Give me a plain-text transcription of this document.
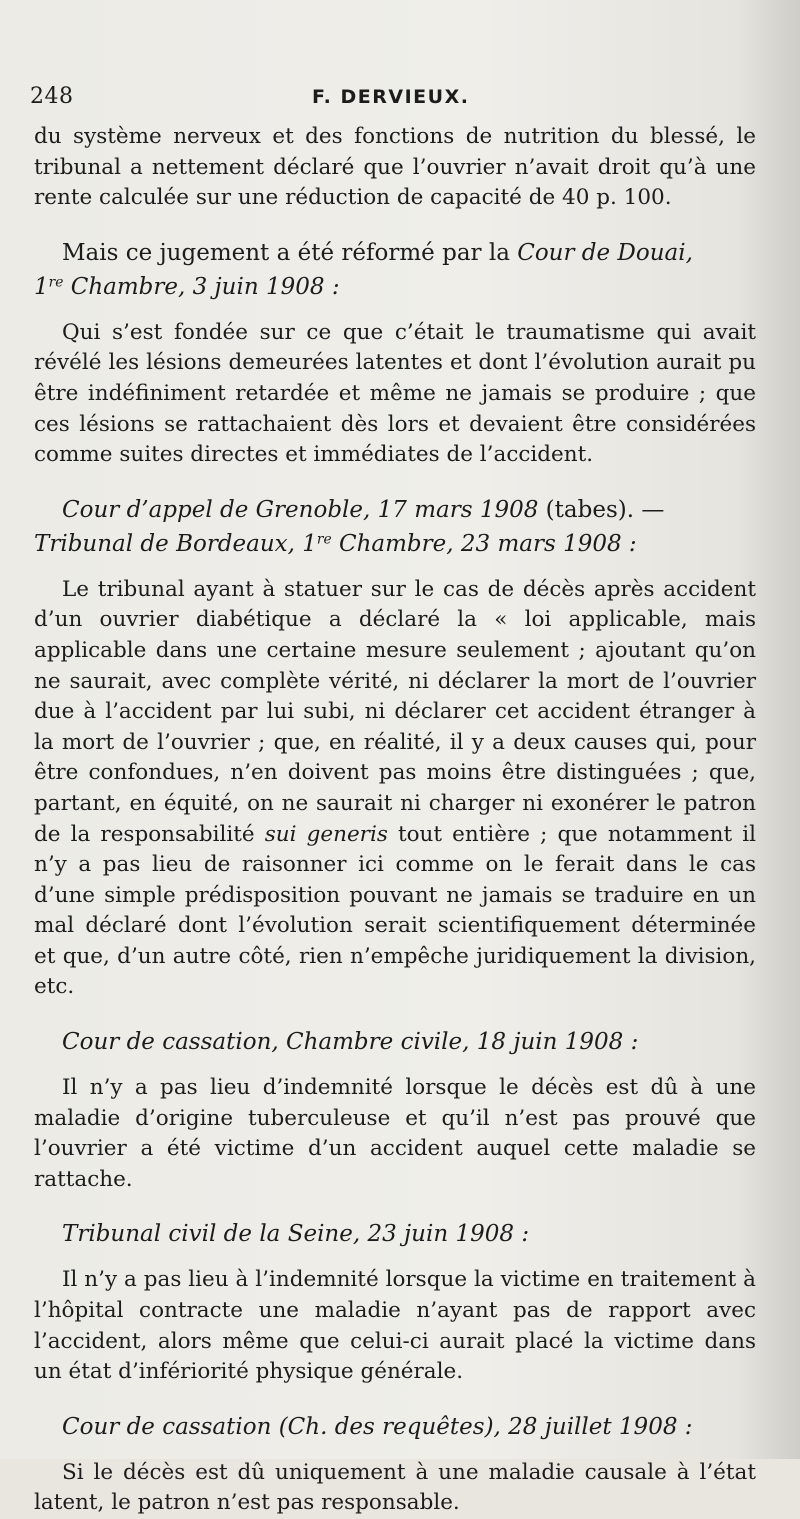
248	F. DERVIEUX.

du système nerveux et des fonctions de nutrition du blessé, le tribunal a nettement déclaré que l’ouvrier n’avait droit qu’à une rente calculée sur une réduction de capacité de 40 p. 100.

Mais ce jugement a été réformé par la Cour de Douai,
1re Chambre, 3 juin 1908 :

Qui s’est fondée sur ce que c’était le traumatisme qui avait révélé les lésions demeurées latentes et dont l’évolution aurait pu être indéfiniment retardée et même ne jamais se produire ; que ces lésions se rattachaient dès lors et devaient être considérées comme suites directes et immédiates de l’accident.

Cour d’appel de Grenoble, 17 mars 1908 (tabes). — Tribunal de Bordeaux, 1re Chambre, 23 mars 1908 :

Le tribunal ayant à statuer sur le cas de décès après accident d’un ouvrier diabétique a déclaré la « loi applicable, mais applicable dans une certaine mesure seulement ; ajoutant qu’on ne saurait, avec complète vérité, ni déclarer la mort de l’ouvrier due à l’accident par lui subi, ni déclarer cet accident étranger à la mort de l’ouvrier ; que, en réalité, il y a deux causes qui, pour être confondues, n’en doivent pas moins être distinguées ; que, partant, en équité, on ne saurait ni charger ni exonérer le patron de la responsabilité sui generis tout entière ; que notamment il n’y a pas lieu de raisonner ici comme on le ferait dans le cas d’une simple prédisposition pouvant ne jamais se traduire en un mal déclaré dont l’évolution serait scientifiquement déterminée et que, d’un autre côté, rien n’empêche juridiquement la division, etc.

Cour de cassation, Chambre civile, 18 juin 1908 :

Il n’y a pas lieu d’indemnité lorsque le décès est dû à une maladie d’origine tuberculeuse et qu’il n’est pas prouvé que l’ouvrier a été victime d’un accident auquel cette maladie se rattache.

Tribunal civil de la Seine, 23 juin 1908 :

Il n’y a pas lieu à l’indemnité lorsque la victime en traitement à l’hôpital contracte une maladie n’ayant pas de rapport avec l’accident, alors même que celui-ci aurait placé la victime dans un état d’infériorité physique générale.

Cour de cassation (Ch. des requêtes), 28 juillet 1908 :

Si le décès est dû uniquement à une maladie causale à l’état latent, le patron n’est pas responsable.
